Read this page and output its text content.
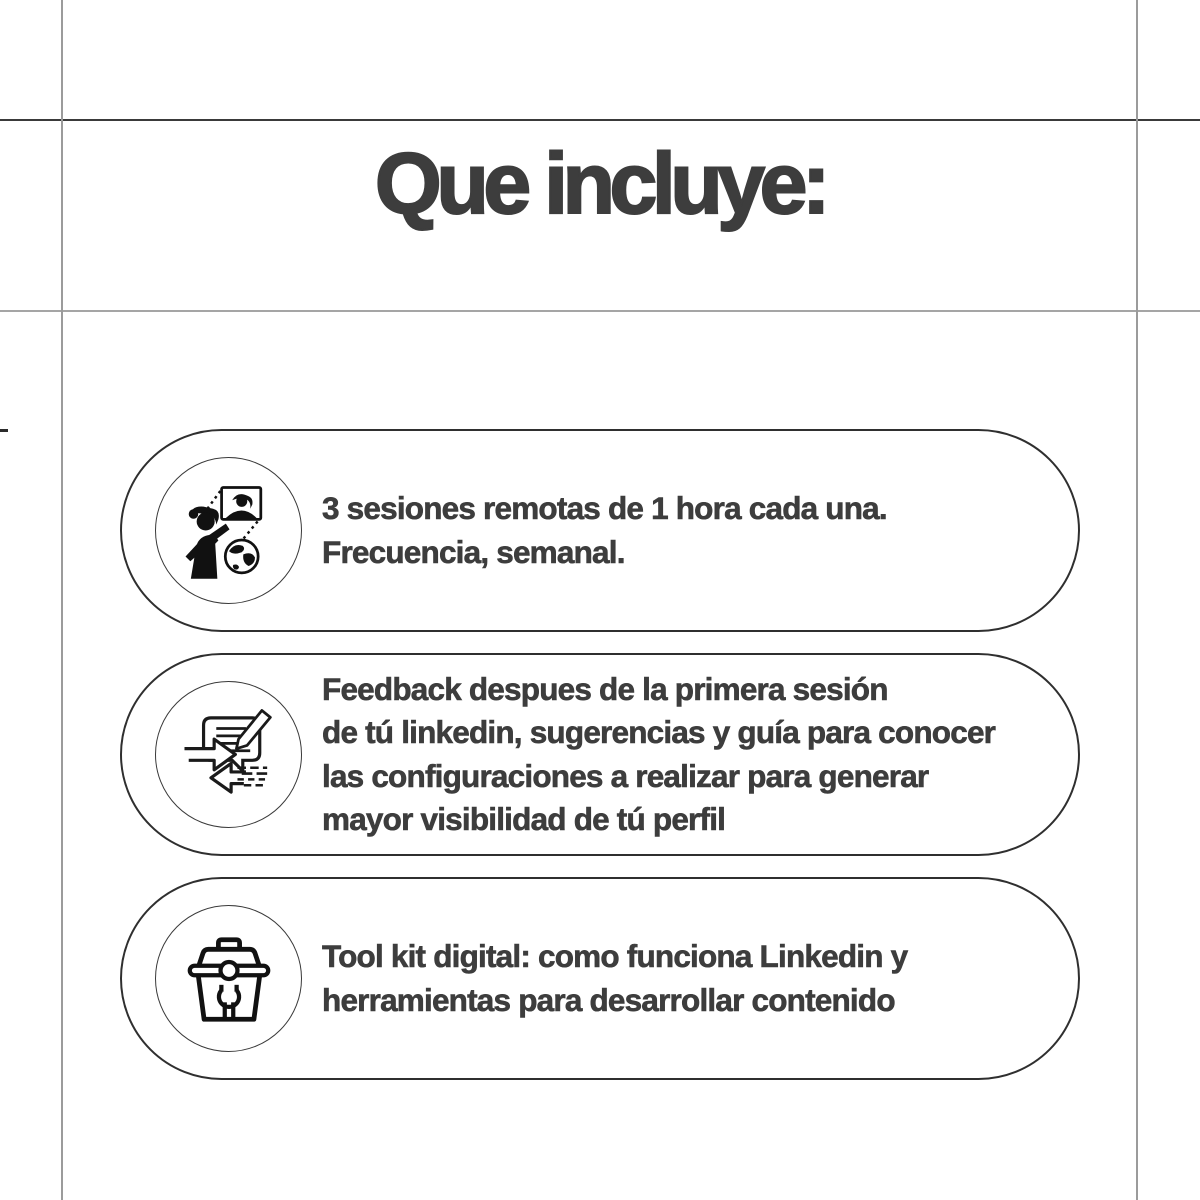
Que incluye:
3 sesiones remotas de 1 hora cada una.
Frecuencia, semanal.
Feedback despues de la primera sesión
de tú linkedin, sugerencias y guía para conocer
las configuraciones a realizar para generar
mayor visibilidad de tú perfil
Tool kit digital: como funciona Linkedin y
herramientas para desarrollar contenido
